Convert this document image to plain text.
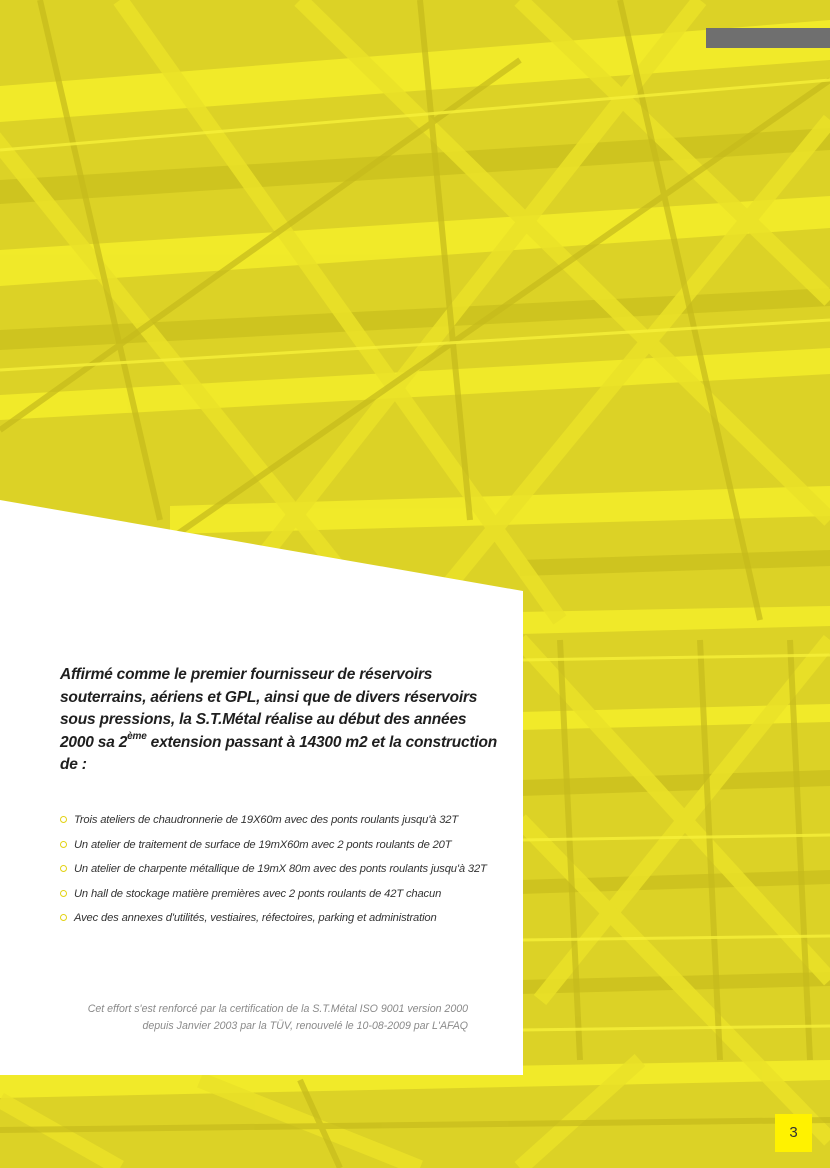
Affirmé comme le premier fournisseur de réservoirs souterrains, aériens et GPL, ainsi que de divers réservoirs sous pressions, la S.T.Métal réalise au début des années 2000 sa 2ème extension passant à 14300 m2 et la construction de :

Trois ateliers de chaudronnerie de 19X60m avec des ponts roulants jusqu'à 32T
Un atelier de traitement de surface de 19mX60m avec 2 ponts roulants de 20T
Un atelier de charpente métallique de 19mX 80m avec des ponts roulants jusqu'à 32T
Un hall de stockage matière premières avec 2 ponts roulants de 42T chacun
Avec des annexes d'utilités, vestiaires, réfectoires, parking et administration

Cet effort s'est renforcé par la certification de la S.T.Métal ISO 9001 version 2000
depuis Janvier 2003 par la TÜV, renouvelé le 10-08-2009 par L'AFAQ

3
